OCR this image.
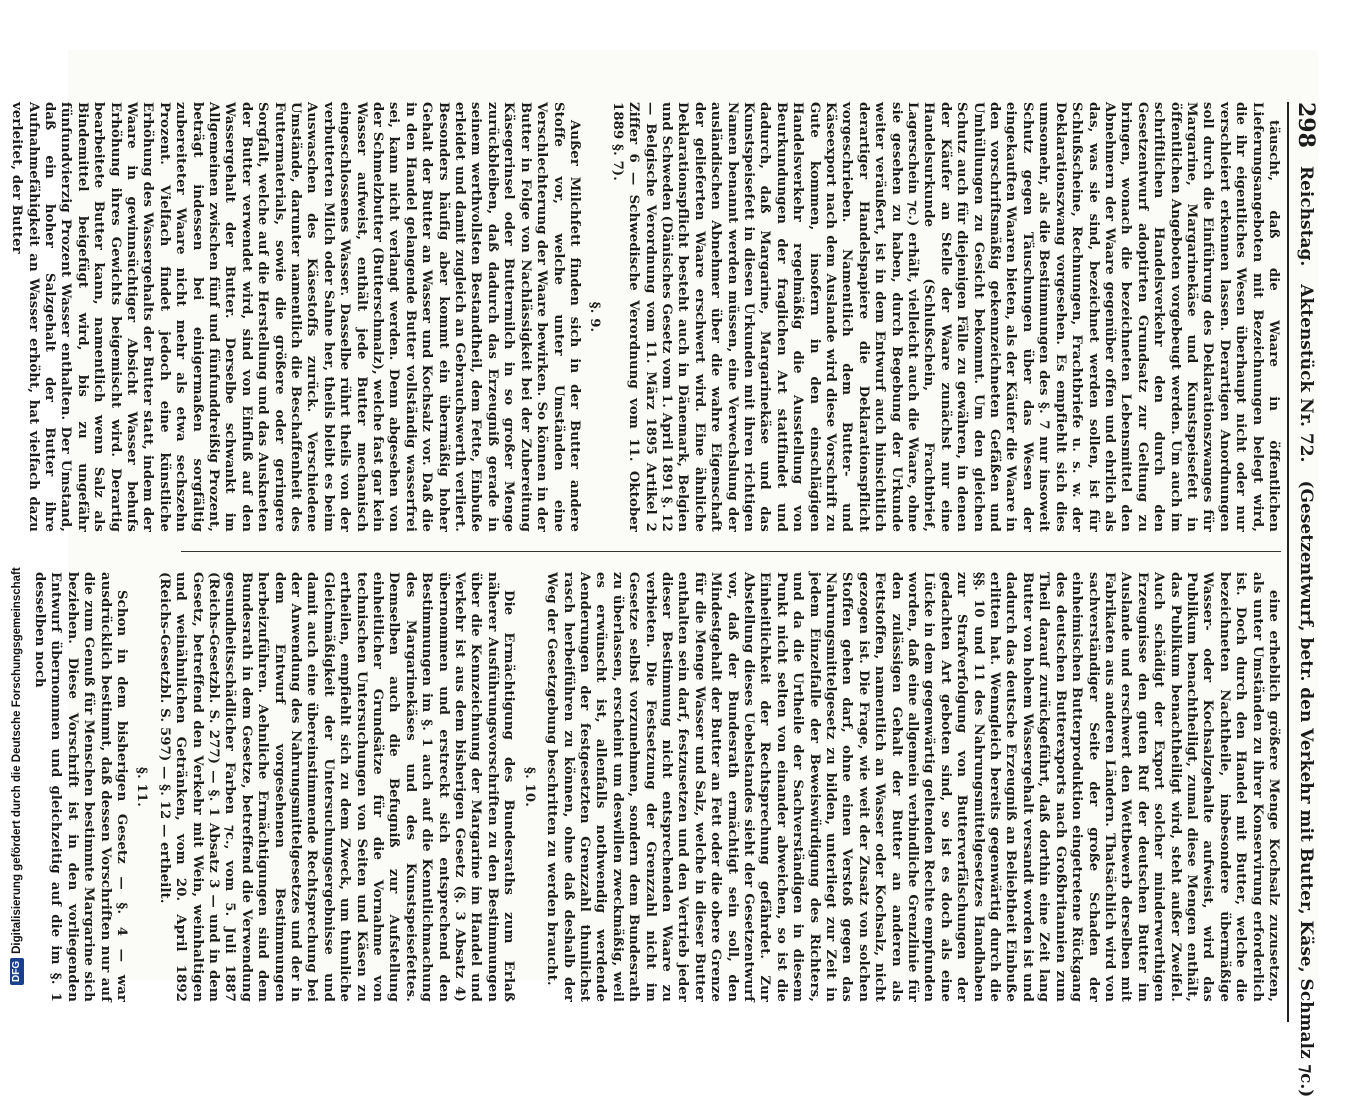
298
Reichstag.
Aktenstück Nr. 72.
(Gesetzentwurf, betr. den Verkehr mit Butter, Käse, Schmalz ⁊c.)

täuscht, daß die Waare in öffentlichen Lieferungsangeboten mit Bezeichnungen belegt wird, die ihr eigentliches Wesen überhaupt nicht oder nur verschleiert erkennen lassen. Derartigen Anordnungen soll durch die Einführung des Deklarationszwanges für Margarine, Margarinekäse und Kunstspeisefett in öffentlichen Angeboten vorgebeugt werden. Um auch im schriftlichen Handelsverkehr den durch den Gesetzentwurf adoptirten Grundsatz zur Geltung zu bringen, wonach die bezeichneten Lebensmittel den Abnehmern der Waare gegenüber offen und ehrlich als das, was sie sind, bezeichnet werden sollen, ist für Schlußscheine, Rechnungen, Frachtbriefe u. s. w. der Deklarationszwang vorgesehen. Es empfiehlt sich dies umsomehr, als die Bestimmungen des §. 7 nur insoweit Schutz gegen Täuschungen über das Wesen der eingekauften Waaren bieten, als der Käufer die Waare in den vorschriftsmäßig gekennzeichneten Gefäßen und Umhüllungen zu Gesicht bekommt. Um den gleichen Schutz auch für diejenigen Fälle zu gewähren, in denen der Käufer an Stelle der Waare zunächst nur eine Handelsurkunde (Schlußschein, Frachtbrief, Lagerschein ⁊c.) erhält, vielleicht auch die Waare, ohne sie gesehen zu haben, durch Begebung der Urkunde weiter veräußert, ist in dem Entwurf auch hinsichtlich derartiger Handelspapiere die Deklarationspflicht vorgeschrieben. Namentlich dem Butter- und Käseexport nach dem Auslande wird diese Vorschrift zu Gute kommen, insofern in den einschlägigen Handelsverkehr regelmäßig die Ausstellung von Beurkundungen der fraglichen Art stattfindet und dadurch, daß Margarine, Margarinekäse und das Kunstspeisefett in diesen Urkunden mit ihren richtigen Namen benannt werden müssen, eine Verwechslung der ausländischen Abnehmer über die wahre Eigenschaft der gelieferten Waare erschwert wird. Eine ähnliche Deklarationspflicht besteht auch in Dänemark, Belgien und Schweden (Dänisches Gesetz vom 1. April 1891 §. 12 — Belgische Verordnung vom 11. März 1895 Artikel 2 Ziffer 6 — Schwedische Verordnung vom 11. Oktober 1889 §. 7).

§. 9.

Außer Milchfett finden sich in der Butter andere Stoffe vor, welche unter Umständen eine Verschlechterung der Waare bewirken. So können in der Butter in Folge von Nachlässigkeit bei der Zubereitung Käsegerinsel oder Buttermilch in so großer Menge zurückbleiben, daß dadurch das Erzeugniß gerade in seinem werthvollsten Bestandtheil, dem Fette, Einbuße erleidet und damit zugleich an Gebrauchswerth verliert. Besonders häufig aber kommt ein übermäßig hoher Gehalt der Butter an Wasser und Kochsalz vor. Daß die in den Handel gelangende Butter vollständig wasserfrei sei, kann nicht verlangt werden. Denn abgesehen von der Schmelzbutter (Butterschmalz), welche fast gar kein Wasser aufweist, enthält jede Butter mechanisch eingeschlossenes Wasser. Dasselbe rührt theils von der verbutterten Milch oder Sahne her, theils bleibt es beim Auswaschen des Käsestoffs zurück. Verschiedene Umstände, darunter namentlich die Beschaffenheit des Futtermaterials, sowie die größere oder geringere Sorgfalt, welche auf die Herstellung und das Auskneten der Butter verwendet wird, sind von Einfluß auf den Wassergehalt der Butter. Derselbe schwankt im Allgemeinen zwischen fünf und fünfunddreißig Prozent, beträgt indessen bei einigermaßen sorgfältig zubereiteter Waare nicht mehr als etwa sechszehn Prozent. Vielfach findet jedoch eine künstliche Erhöhung des Wassergehalts der Butter statt, indem der Waare in gewinnsüchtiger Absicht Wasser behufs Erhöhung ihres Gewichts beigemischt wird. Derartig bearbeitete Butter kann, namentlich wenn Salz als Bindemittel beigefügt wird, bis zu ungefähr fünfundvierzig Prozent Wasser enthalten. Der Umstand, daß ein hoher Salzgehalt der Butter ihre Aufnahmefähigkeit an Wasser erhöht, hat vielfach dazu verleitet, der Butter

eine erheblich größere Menge Kochsalz zuzusetzen, als unter Umständen zu ihrer Konservirung erforderlich ist. Doch durch den Handel mit Butter, welche die bezeichneten Nachtheile, insbesondere übermäßige Wasser- oder Kochsalzgehalte aufweist, wird das Publikum benachtheiligt, zumal diese Mengen enthält, das Publikum benachtheiligt wird, steht außer Zweifel. Auch schädigt der Export solcher minderwerthigen Erzeugnisse den guten Ruf der deutschen Butter im Auslande und erschwert den Wettbewerb derselben mit Fabrikaten aus anderen Ländern. Thatsächlich wird von sachverständiger Seite der große Schaden der einheimischen Butterproduktion eingetretene Rückgang des deutschen Butterexports nach Großbritannien zum Theil darauf zurückgeführt, daß dorthin eine Zeit lang Butter von hohem Wassergehalt versandt worden ist und dadurch das deutsche Erzeugniß an Beliebtheit Einbuße erlitten hat. Wenngleich bereits gegenwärtig durch die §§. 10 und 11 des Nahrungsmittelgesetzes Handhaben zur Strafverfolgung von Butterverfälschungen der gedachten Art geboten sind, so ist es doch als eine Lücke in dem gegenwärtig geltenden Rechte empfunden worden, daß eine allgemein verbindliche Grenzlinie für den zulässigen Gehalt der Butter an anderen als Fettstoffen, namentlich an Wasser oder Kochsalz, nicht gezogen ist. Die Frage, wie weit der Zusatz von solchen Stoffen gehen darf, ohne einen Verstoß gegen das Nahrungsmittelgesetz zu bilden, unterliegt zur Zeit in jedem Einzelfalle der Beweiswürdigung des Richters, und da die Urtheile der Sachverständigen in diesem Punkt nicht selten von einander abweichen, so ist die Einheitlichkeit der Rechtsprechung gefährdet. Zur Abstellung dieses Uebelstandes sieht der Gesetzentwurf vor, daß der Bundesrath ermächtigt sein soll, den Mindestgehalt der Butter an Fett oder die obere Grenze für die Menge Wasser und Salz, welche in dieser Butter enthalten sein darf, festzusetzen und den Vertrieb jeder dieser Bestimmung nicht entsprechenden Waare zu verbieten. Die Festsetzung der Grenzzahl nicht im Gesetze selbst vorzunehmen, sondern dem Bundesrath zu überlassen, erscheint um deswillen zweckmäßig, weil es erwünscht ist, allenfalls nothwendig werdende Aenderungen der festgesetzten Grenzzahl thunlichst rasch herbeiführen zu können, ohne daß deshalb der Weg der Gesetzgebung beschritten zu werden braucht.

§. 10.

Die Ermächtigung des Bundesraths zum Erlaß näherer Ausführungsvorschriften zu den Bestimmungen über die Kennzeichnung der Margarine im Handel und Verkehr ist aus dem bisherigen Gesetz (§. 3 Absatz 4) übernommen und erstreckt sich entsprechend den Bestimmungen im §. 1 auch auf die Kenntlichmachung des Margarinekäses und des Kunstspeisefettes. Demselben auch die Befugniß zur Aufstellung einheitlicher Grundsätze für die Vornahme von technischen Untersuchungen von Seiten und Käsen zu ertheilen, empfiehlt sich zu dem Zweck, um thunliche Gleichmäßigkeit der Untersuchungsergebnisse und damit auch eine übereinstimmende Rechtsprechung bei der Anwendung des Nahrungsmittelgesetzes und der in dem Entwurf vorgesehenen Bestimmungen herbeizuführen. Aehnliche Ermächtigungen sind dem Bundesrath in dem Gesetze, betreffend die Verwendung gesundheitsschädlicher Farben ⁊c., vom 5. Juli 1887 (Reichs-Gesetzbl. S. 277) — §. 1 Absatz 3 — und in dem Gesetz, betreffend den Verkehr mit Wein, weinhaltigen und weinähnlichen Getränken, vom 20. April 1892 (Reichs-Gesetzbl. S. 597) — §. 12 — ertheilt.

§. 11.

Schon in dem bisherigen Gesetz — §. 4 — war ausdrücklich bestimmt, daß dessen Vorschriften nur auf die zum Genuß für Menschen bestimmte Margarine sich beziehen. Diese Vorschrift ist in den vorliegenden Entwurf übernommen und gleichzeitig auf die im §. 1 desselben noch

DFG
Digitalisierung gefördert durch die Deutsche Forschungsgemeinschaft
